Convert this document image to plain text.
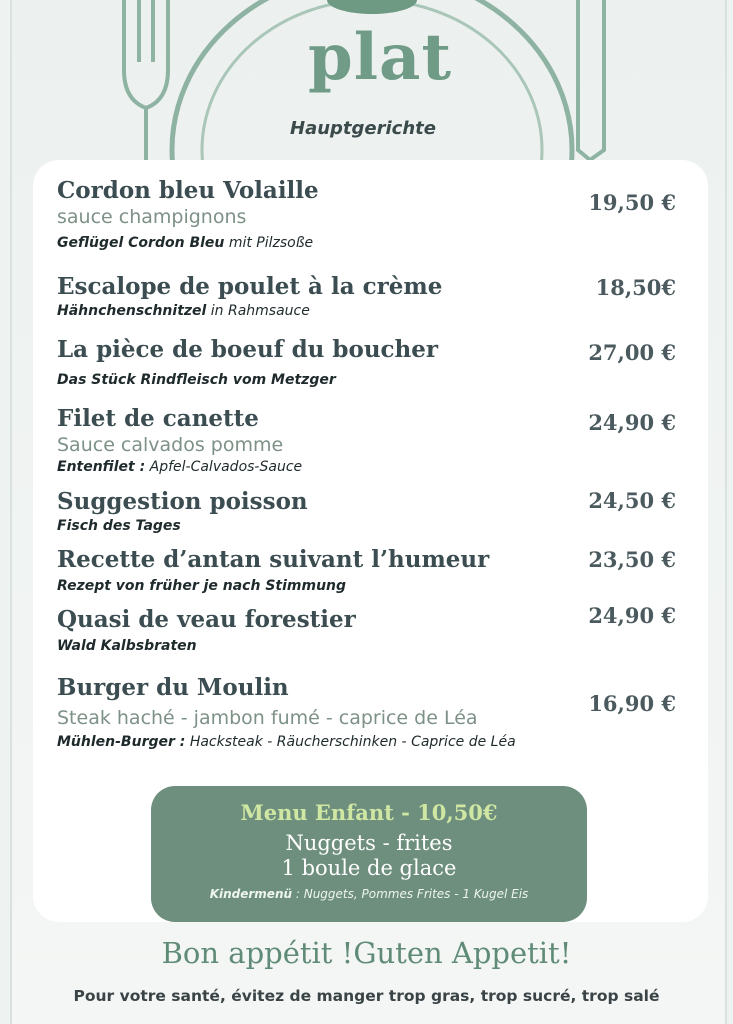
plat
Hauptgerichte
Cordon bleu Volaille
sauce champignons
Geflügel Cordon Bleu mit Pilzsoße
19,50 €
Escalope de poulet à la crème
Hähnchenschnitzel in Rahmsauce
18,50€
La pièce de boeuf du boucher
Das Stück Rindfleisch vom Metzger
27,00 €
Filet de canette
Sauce calvados pomme
Entenfilet : Apfel-Calvados-Sauce
24,90 €
Suggestion poisson
Fisch des Tages
24,50 €
Recette d’antan suivant l’humeur
Rezept von früher je nach Stimmung
23,50 €
Quasi de veau forestier
Wald Kalbsbraten
24,90 €
Burger du Moulin
Steak haché - jambon fumé - caprice de Léa
Mühlen-Burger : Hacksteak - Räucherschinken - Caprice de Léa
16,90 €
Menu Enfant - 10,50€
Nuggets - frites
1 boule de glace
Kindermenü : Nuggets, Pommes Frites - 1 Kugel Eis
Bon appétit !Guten Appetit!
Pour votre santé, évitez de manger trop gras, trop sucré, trop salé
